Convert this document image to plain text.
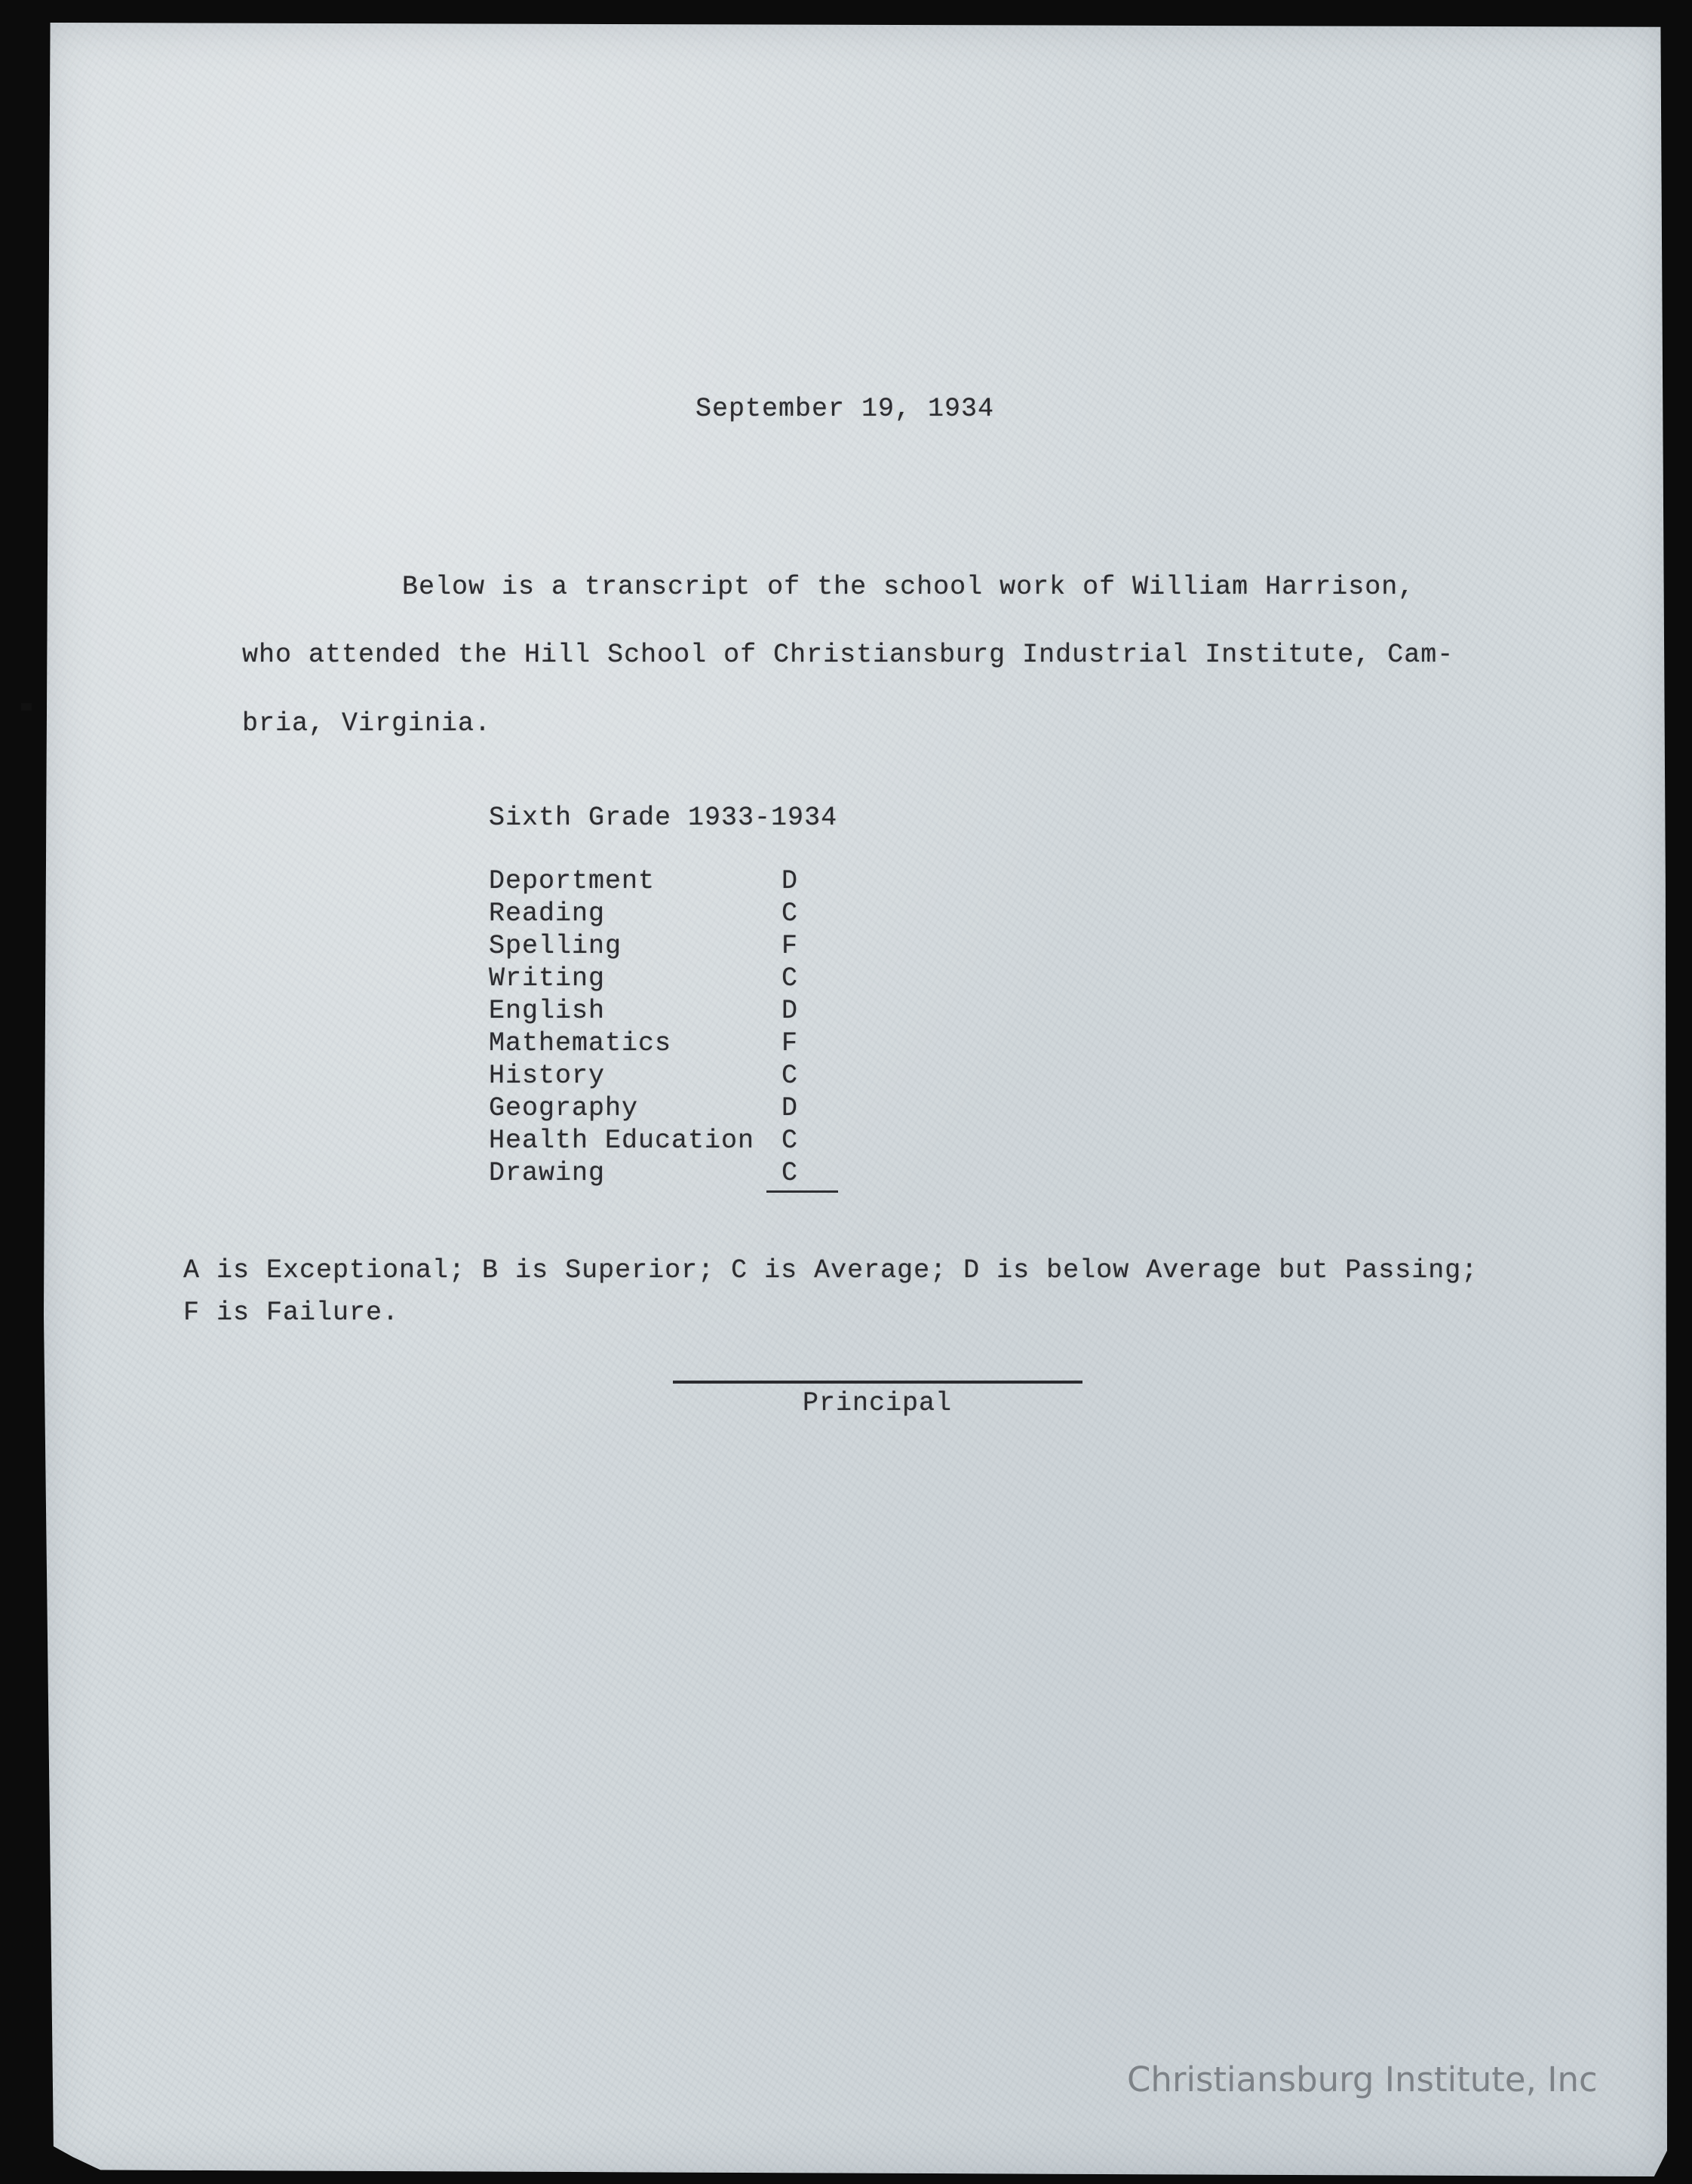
September 19, 1934
Below is a transcript of the school work of William Harrison,
who attended the Hill School of Christiansburg Industrial Institute, Cam-
bria, Virginia.
Sixth Grade 1933-1934
Deportment	D
Reading	C
Spelling	F
Writing	C
English	D
Mathematics	F
History	C
Geography	D
Health Education C
Drawing	C
A is Exceptional; B is Superior; C is Average; D is below Average but Passing;
F is Failure.
Principal
Christiansburg Institute, Inc
